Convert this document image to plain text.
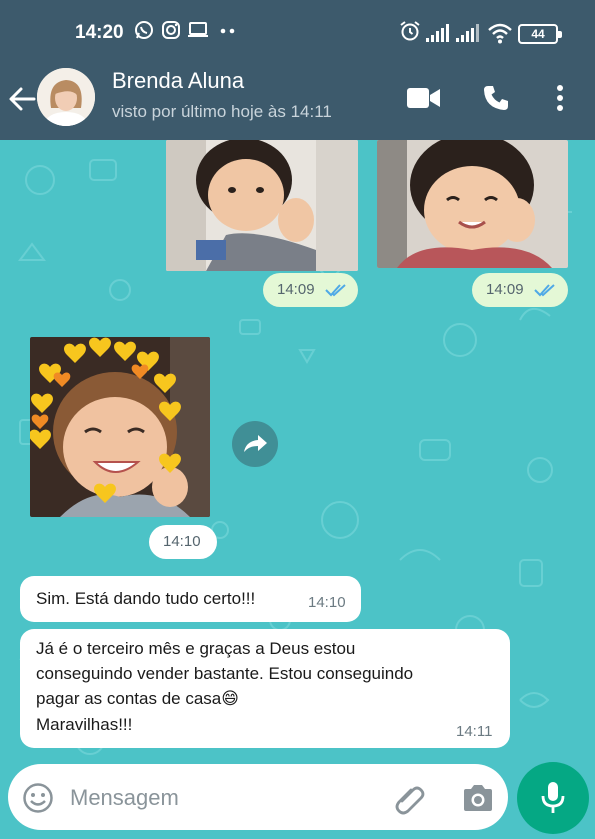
14:20	44
Brenda Aluna
visto por último hoje às 14:11
14:09	14:09
14:10
Sim. Está dando tudo certo!!!	14:10
Já é o terceiro mês e graças a Deus estou
conseguindo vender bastante. Estou conseguindo
pagar as contas de casa😄
Maravilhas!!!	14:11
Mensagem
